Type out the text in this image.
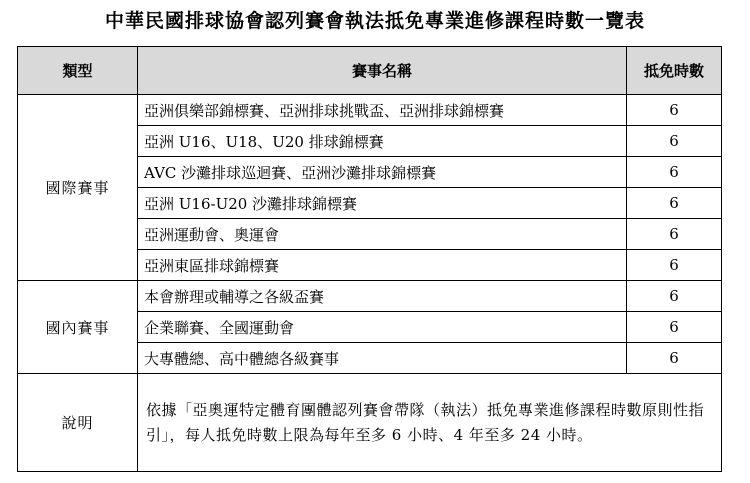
中華民國排球協會認列賽會執法抵免專業進修課程時數一覽表
類型	賽事名稱	抵免時數
國際賽事	亞洲俱樂部錦標賽、亞洲排球挑戰盃、亞洲排球錦標賽	6
	亞洲 U16、U18、U20 排球錦標賽	6
	AVC 沙灘排球巡迴賽、亞洲沙灘排球錦標賽	6
	亞洲 U16-U20 沙灘排球錦標賽	6
	亞洲運動會、奧運會	6
	亞洲東區排球錦標賽	6
國內賽事	本會辦理或輔導之各級盃賽	6
	企業聯賽、全國運動會	6
	大專體總、高中體總各級賽事	6
說明	依據「亞奧運特定體育團體認列賽會帶隊（執法）抵免專業進修課程時數原則性指引」，每人抵免時數上限為每年至多 6 小時、4 年至多 24 小時。	
